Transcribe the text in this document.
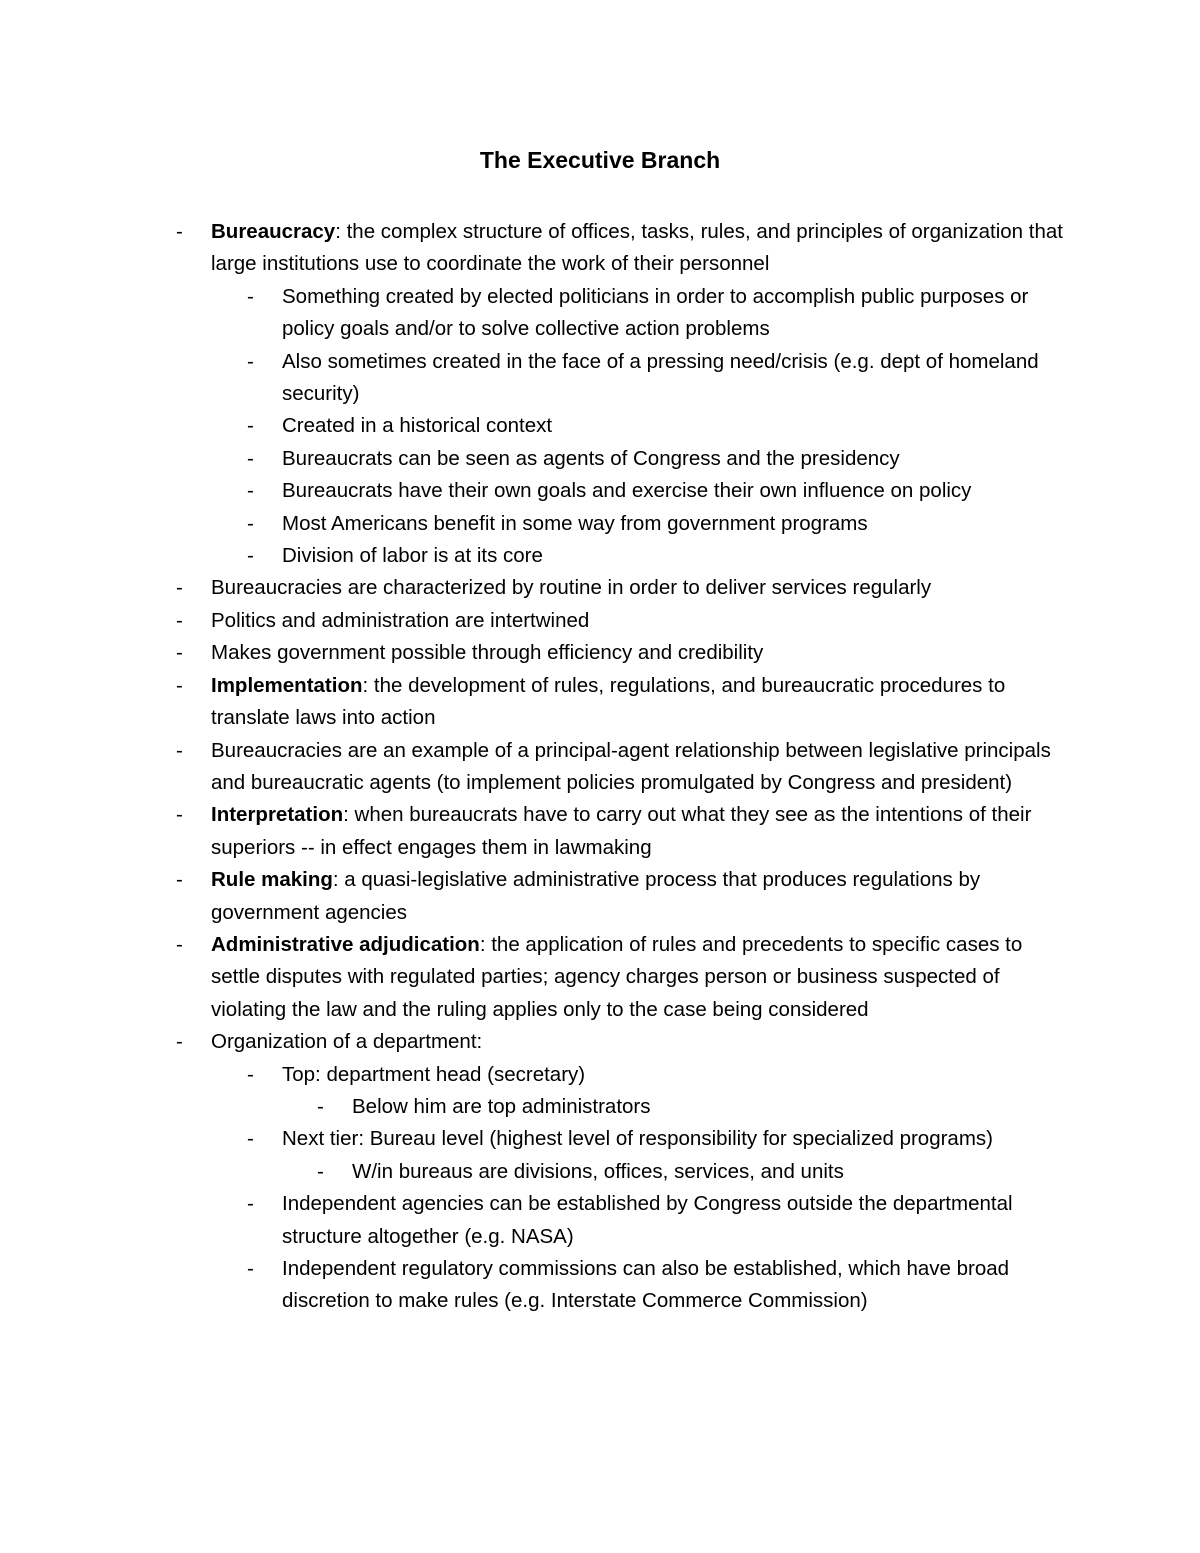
The Executive Branch
- Bureaucracy: the complex structure of offices, tasks, rules, and principles of organization that large institutions use to coordinate the work of their personnel
- Something created by elected politicians in order to accomplish public purposes or policy goals and/or to solve collective action problems
- Also sometimes created in the face of a pressing need/crisis (e.g. dept of homeland security)
- Created in a historical context
- Bureaucrats can be seen as agents of Congress and the presidency
- Bureaucrats have their own goals and exercise their own influence on policy
- Most Americans benefit in some way from government programs
- Division of labor is at its core
- Bureaucracies are characterized by routine in order to deliver services regularly
- Politics and administration are intertwined
- Makes government possible through efficiency and credibility
- Implementation: the development of rules, regulations, and bureaucratic procedures to translate laws into action
- Bureaucracies are an example of a principal-agent relationship between legislative principals and bureaucratic agents (to implement policies promulgated by Congress and president)
- Interpretation: when bureaucrats have to carry out what they see as the intentions of their superiors -- in effect engages them in lawmaking
- Rule making: a quasi-legislative administrative process that produces regulations by government agencies
- Administrative adjudication: the application of rules and precedents to specific cases to settle disputes with regulated parties; agency charges person or business suspected of violating the law and the ruling applies only to the case being considered
- Organization of a department:
- Top: department head (secretary)
- Below him are top administrators
- Next tier: Bureau level (highest level of responsibility for specialized programs)
- W/in bureaus are divisions, offices, services, and units
- Independent agencies can be established by Congress outside the departmental structure altogether (e.g. NASA)
- Independent regulatory commissions can also be established, which have broad discretion to make rules (e.g. Interstate Commerce Commission)
